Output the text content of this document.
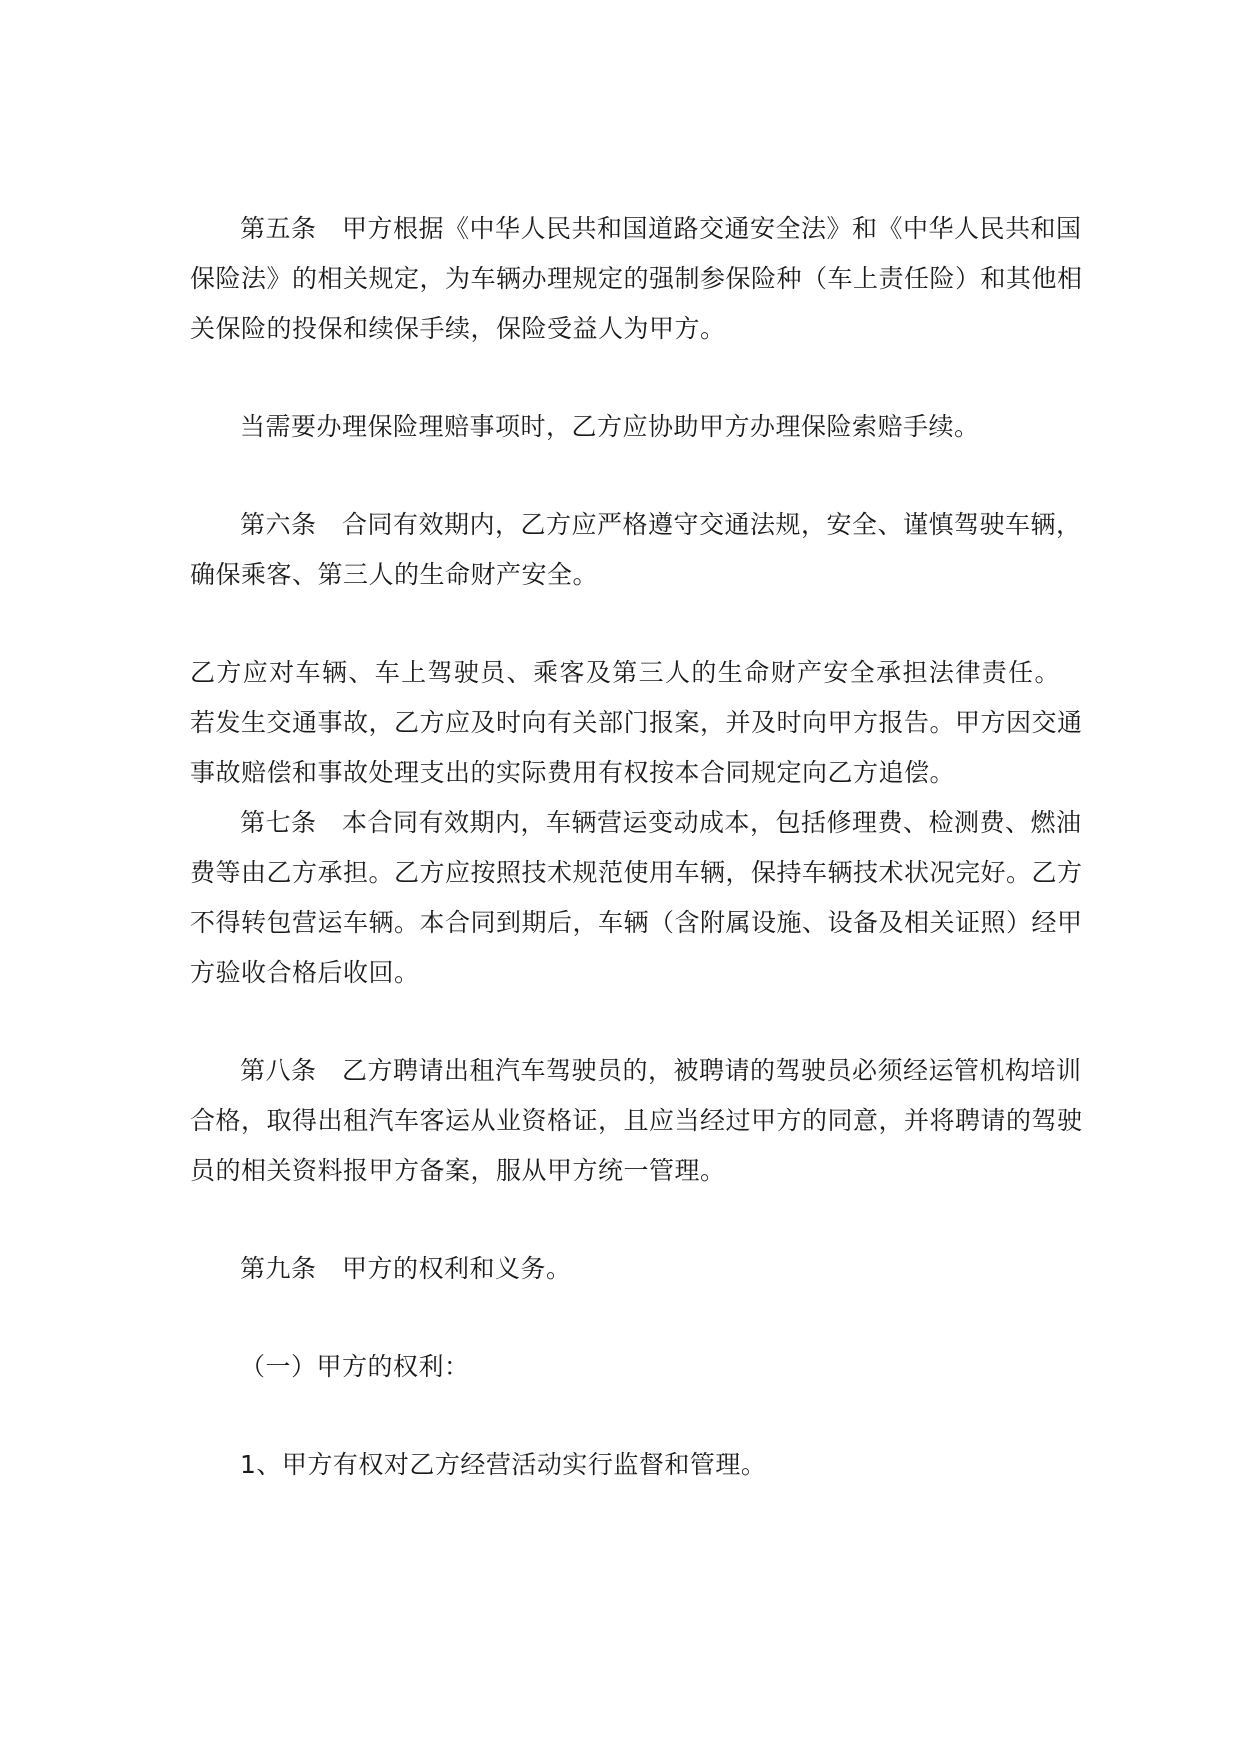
第五条　甲方根据《中华人民共和国道路交通安全法》和《中华人民共和国
保险法》的相关规定，为车辆办理规定的强制参保险种（车上责任险）和其他相
关保险的投保和续保手续，保险受益人为甲方。
当需要办理保险理赔事项时，乙方应协助甲方办理保险索赔手续。
第六条　合同有效期内，乙方应严格遵守交通法规，安全、谨慎驾驶车辆，
确保乘客、第三人的生命财产安全。
乙方应对车辆、车上驾驶员、乘客及第三人的生命财产安全承担法律责任。
若发生交通事故，乙方应及时向有关部门报案，并及时向甲方报告。甲方因交通
事故赔偿和事故处理支出的实际费用有权按本合同规定向乙方追偿。
第七条　本合同有效期内，车辆营运变动成本，包括修理费、检测费、燃油
费等由乙方承担。乙方应按照技术规范使用车辆，保持车辆技术状况完好。乙方
不得转包营运车辆。本合同到期后，车辆（含附属设施、设备及相关证照）经甲
方验收合格后收回。
第八条　乙方聘请出租汽车驾驶员的，被聘请的驾驶员必须经运管机构培训
合格，取得出租汽车客运从业资格证，且应当经过甲方的同意，并将聘请的驾驶
员的相关资料报甲方备案，服从甲方统一管理。
第九条　甲方的权利和义务。
（一）甲方的权利：
1、甲方有权对乙方经营活动实行监督和管理。
